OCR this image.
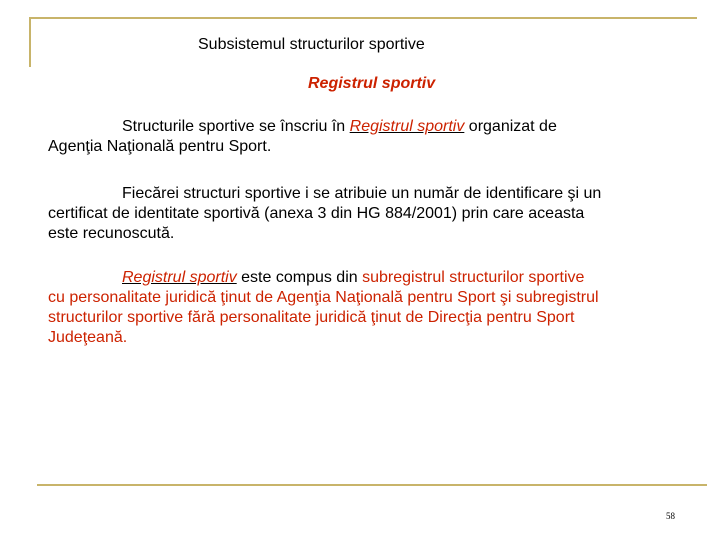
Subsistemul structurilor sportive
Registrul sportiv

Structurile sportive se înscriu în Registrul sportiv organizat de
Agenţia Naţională pentru Sport.

Fiecărei structuri sportive i se atribuie un număr de identificare şi un
certificat de identitate sportivă (anexa 3 din HG 884/2001) prin care aceasta
este recunoscută.

Registrul sportiv este compus din subregistrul structurilor sportive
cu personalitate juridică ţinut de Agenţia Naţională pentru Sport şi subregistrul
structurilor sportive fără personalitate juridică ţinut de Direcţia pentru Sport
Judeţeană.

58
